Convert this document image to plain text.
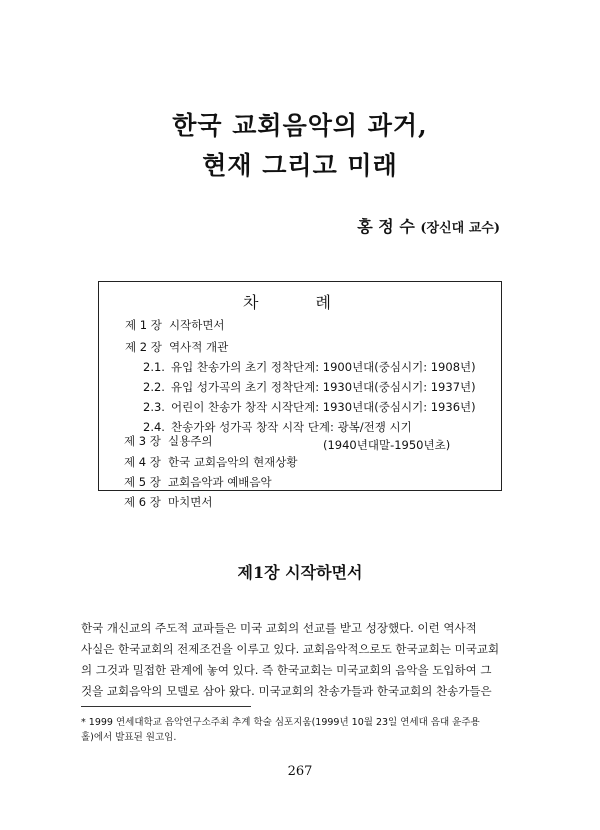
한국 교회음악의 과거,
현재 그리고 미래
홍 정 수 (장신대 교수)
차 례
제 1 장 시작하면서
제 2 장 역사적 개관
2.1. 유입 찬송가의 초기 정착단계: 1900년대(중심시기: 1908년)
2.2. 유입 성가곡의 초기 정착단계: 1930년대(중심시기: 1937년)
2.3. 어린이 찬송가 창작 시작단계: 1930년대(중심시기: 1936년)
2.4. 찬송가와 성가곡 창작 시작 단계: 광복/전쟁 시기
(1940년대말-1950년초)
제 3 장 실용주의
제 4 장 한국 교회음악의 현재상황
제 5 장 교회음악과 예배음악
제1장 시작하면서
한국 개신교의 주도적 교파들은 미국 교회의 선교를 받고 성장했다. 이런 역사적
사실은 한국교회의 전제조건을 이루고 있다. 교회음악적으로도 한국교회는 미국교회
의 그것과 밀접한 관계에 놓여 있다. 즉 한국교회는 미국교회의 음악을 도입하여 그
것을 교회음악의 모델로 삼아 왔다. 미국교회의 찬송가들과 한국교회의 찬송가들은
* 1999 연세대학교 음악연구소주최 추계 학술 심포지움(1999년 10월 23일 연세대 음대 윤주용
홀)에서 발표된 원고임.
267
제 6 장 마치면서
